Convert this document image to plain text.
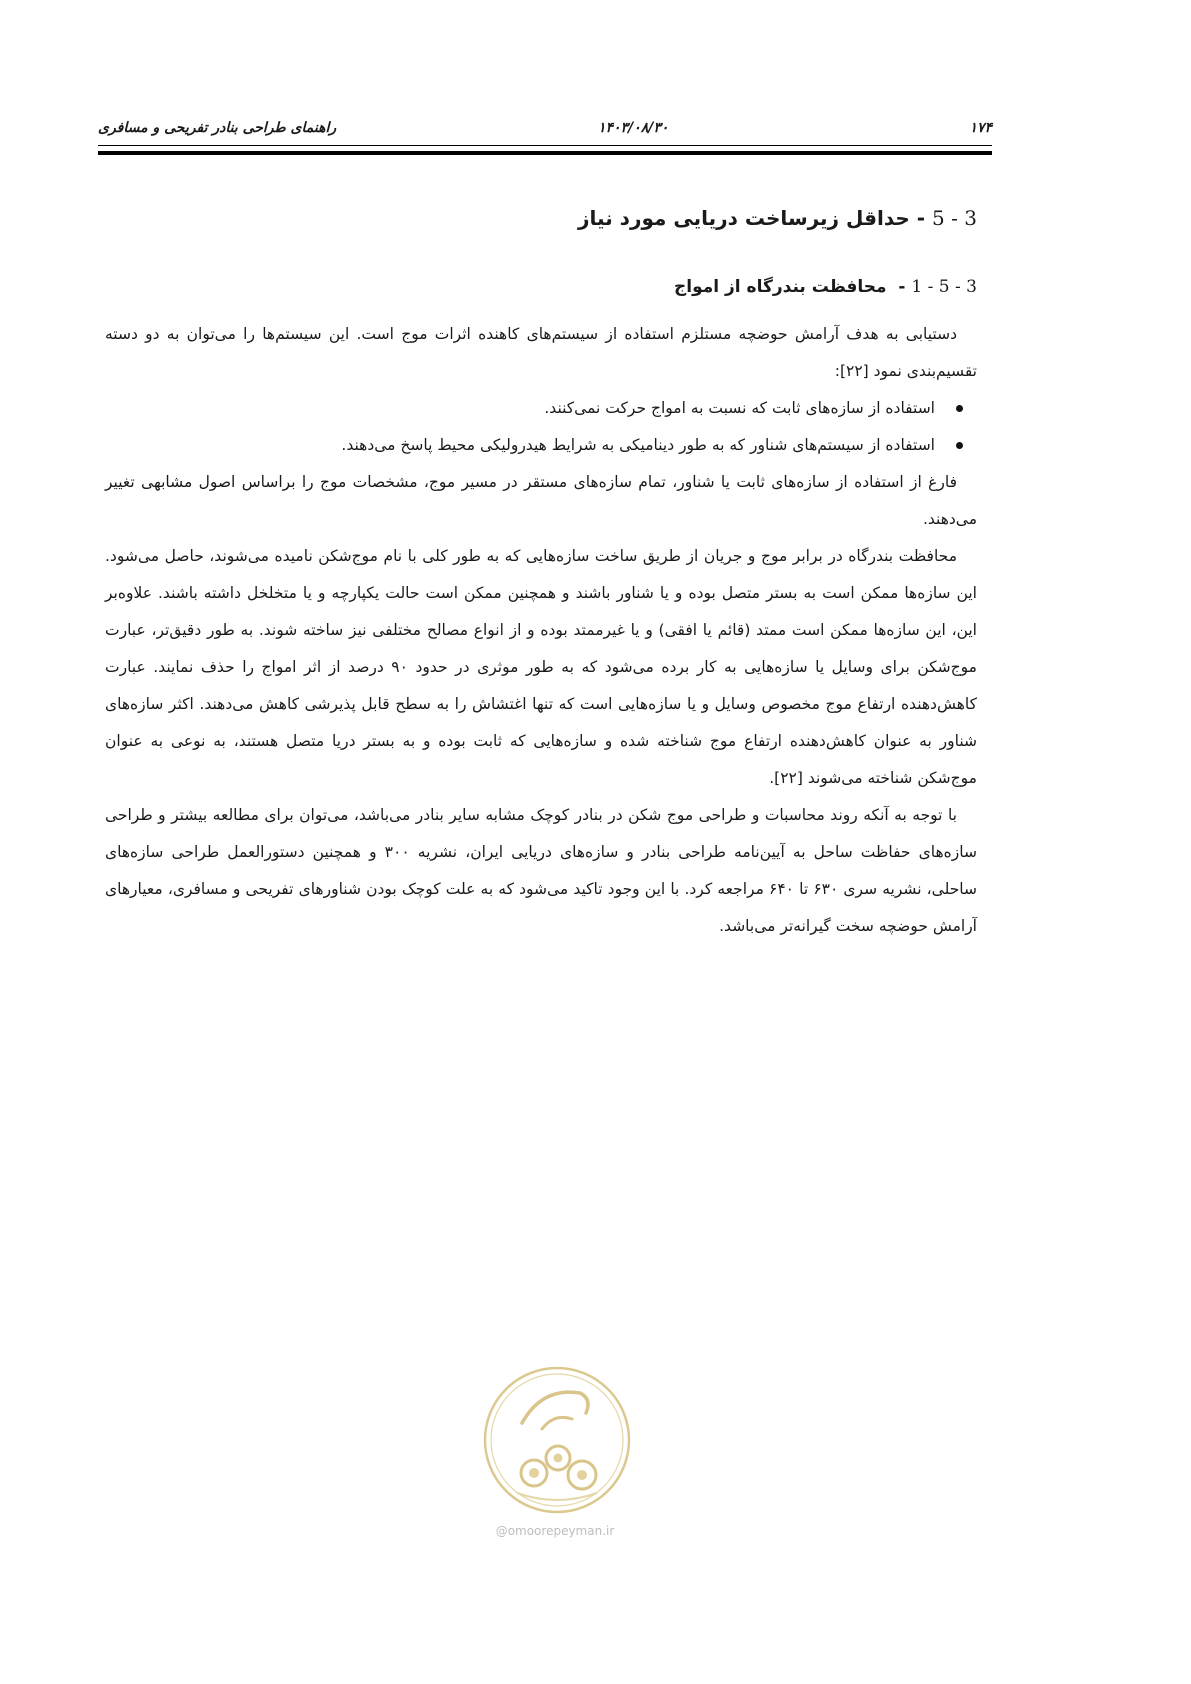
۱۷۴
۱۴۰۳/۰۸/۳۰
راهنمای طراحی بنادر تفریحی و مسافری
3 - 5 - حداقل زیرساخت دریایی مورد نیاز
3 - 5 - 1 -  محافظت بندرگاه از امواج

دستیابی به هدف آرامش حوضچه مستلزم استفاده از سیستم‌های کاهنده اثرات موج است. این سیستم‌ها را می‌توان به دو دسته تقسیم‌بندی نمود [۲۲]:

استفاده از سازه‌های ثابت که نسبت به امواج حرکت نمی‌کنند.
استفاده از سیستم‌های شناور که به طور دینامیکی به شرایط هیدرولیکی محیط پاسخ می‌دهند.

فارغ از استفاده از سازه‌های ثابت یا شناور، تمام سازه‌های مستقر در مسیر موج، مشخصات موج را براساس اصول مشابهی تغییر می‌دهند.

محافظت بندرگاه در برابر موج و جریان از طریق ساخت سازه‌هایی که به طور کلی با نام موج‌شکن نامیده می‌شوند، حاصل می‌شود. این سازه‌ها ممکن است به بستر متصل بوده و یا شناور باشند و همچنین ممکن است حالت یکپارچه و یا متخلخل داشته باشند. علاوه‌بر این، این سازه‌ها ممکن است ممتد (قائم یا افقی) و یا غیرممتد بوده و از انواع مصالح مختلفی نیز ساخته شوند. به طور دقیق‌تر، عبارت موج‌شکن برای وسایل یا سازه‌هایی به کار برده می‌شود که به طور موثری در حدود ۹۰ درصد از اثر امواج را حذف نمایند. عبارت کاهش‌دهنده ارتفاع موج مخصوص وسایل و یا سازه‌هایی است که تنها اغتشاش را به سطح قابل پذیرشی کاهش می‌دهند. اکثر سازه‌های شناور به عنوان کاهش‌دهنده ارتفاع موج شناخته شده و سازه‌هایی که ثابت بوده و به بستر دریا متصل هستند، به نوعی به عنوان موج‌شکن شناخته می‌شوند [۲۲].

با توجه به آنکه روند محاسبات و طراحی موج شکن در بنادر کوچک مشابه سایر بنادر می‌باشد، می‌توان برای مطالعه بیشتر و طراحی سازه‌های حفاظت ساحل به آیین‌نامه طراحی بنادر و سازه‌های دریایی ایران، نشریه ۳۰۰ و همچنین دستورالعمل طراحی سازه‌های ساحلی، نشریه سری ۶۳۰ تا ۶۴۰ مراجعه کرد. با این وجود تاکید می‌شود که به علت کوچک بودن شناورهای تفریحی و مسافری، معیارهای آرامش حوضچه سخت گیرانه‌تر می‌باشد.

@omoorepeyman.ir
